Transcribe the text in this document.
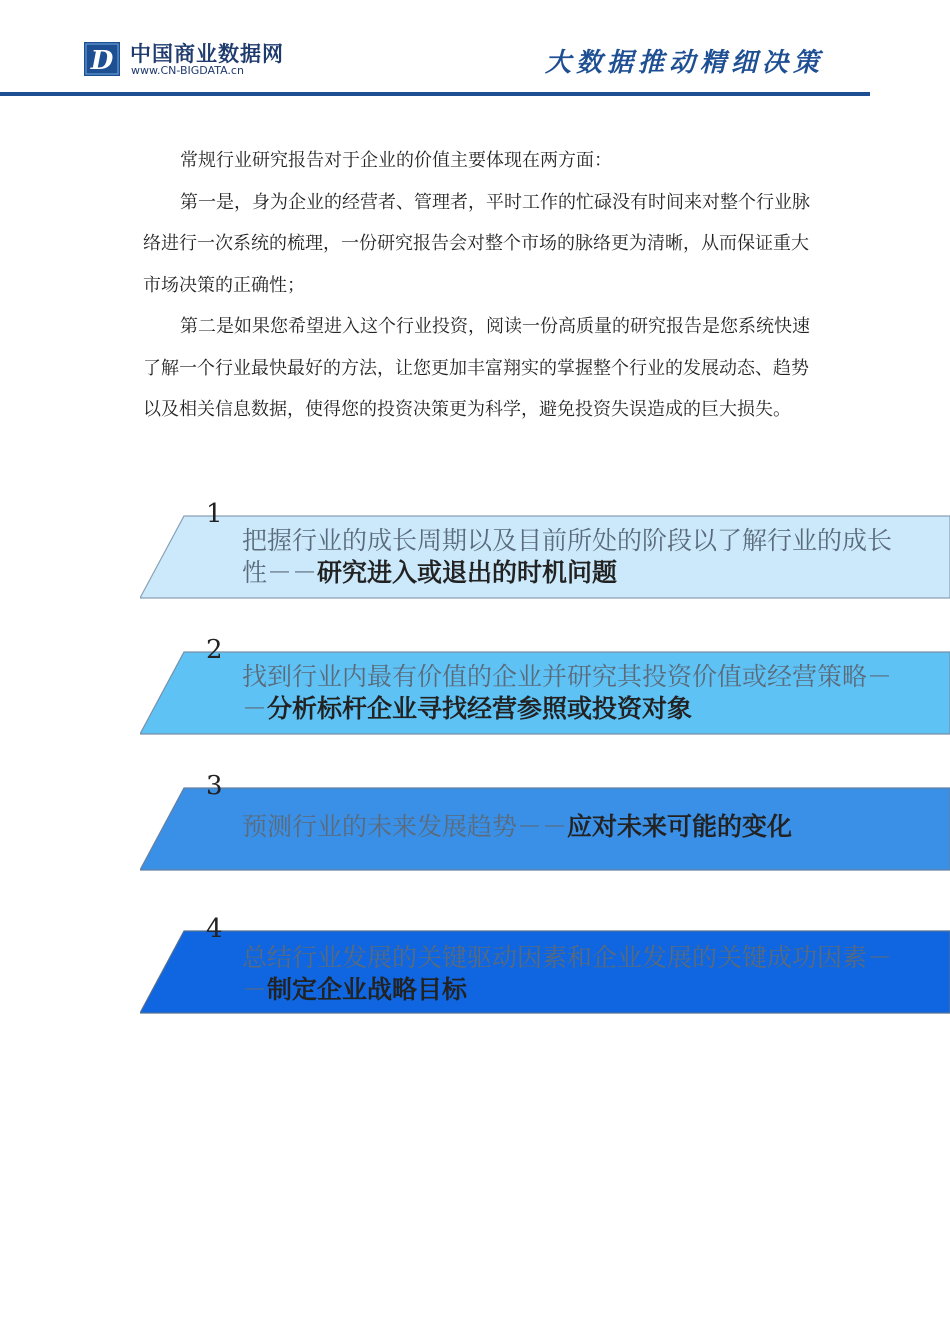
D 中国商业数据网
www.CN-BIGDATA.cn	大数据推动精细决策

常规行业研究报告对于企业的价值主要体现在两方面：

第一是，身为企业的经营者、管理者，平时工作的忙碌没有时间来对整个行业脉络进行一次系统的梳理，一份研究报告会对整个市场的脉络更为清晰，从而保证重大市场决策的正确性；

第二是如果您希望进入这个行业投资，阅读一份高质量的研究报告是您系统快速了解一个行业最快最好的方法，让您更加丰富翔实的掌握整个行业的发展动态、趋势以及相关信息数据，使得您的投资决策更为科学，避免投资失误造成的巨大损失。

1
把握行业的成长周期以及目前所处的阶段以了解行业的成长性－－研究进入或退出的时机问题
2
找到行业内最有价值的企业并研究其投资价值或经营策略－－分析标杆企业寻找经营参照或投资对象
3
预测行业的未来发展趋势－－应对未来可能的变化
4
总结行业发展的关键驱动因素和企业发展的关键成功因素－－制定企业战略目标
